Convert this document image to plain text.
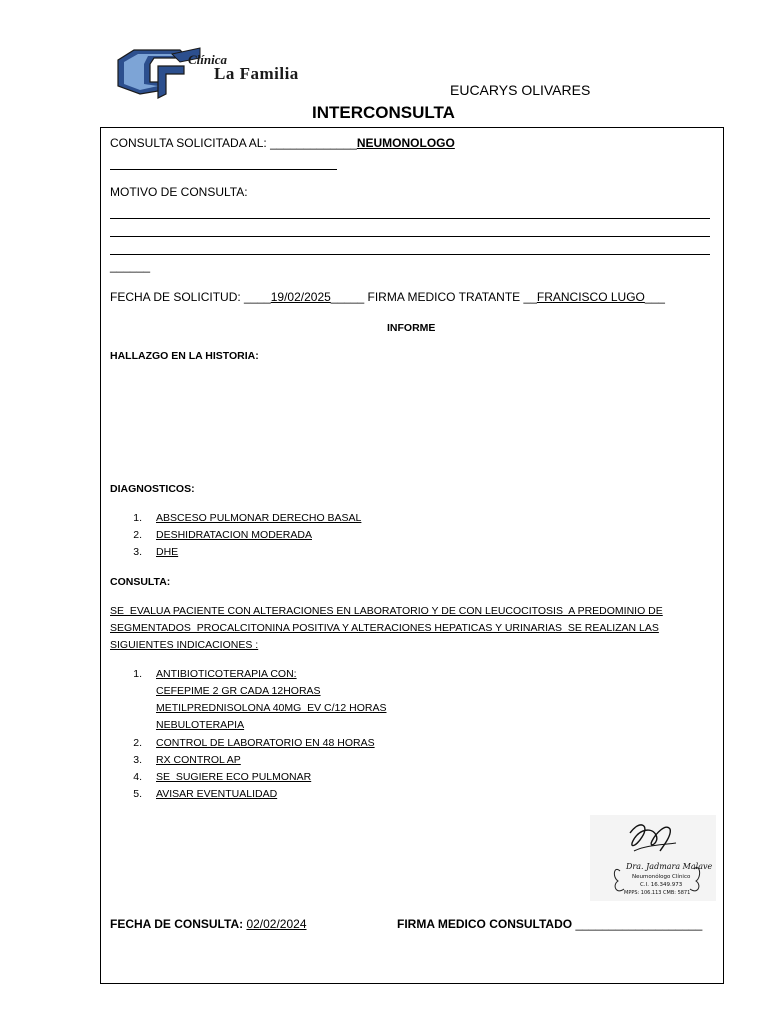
Clínica
La Familia
EUCARYS OLIVARES
INTERCONSULTA
CONSULTA SOLICITADA AL: _____________NEUMONOLOGO
MOTIVO DE CONSULTA:
______
FECHA DE SOLICITUD: ____19/02/2025_____ FIRMA MEDICO TRATANTE __FRANCISCO LUGO___
INFORME
HALLAZGO EN LA HISTORIA:
DIAGNOSTICOS:
1. ABSCESO PULMONAR DERECHO BASAL
2. DESHIDRATACION MODERADA
3. DHE
CONSULTA:
SE  EVALUA PACIENTE CON ALTERACIONES EN LABORATORIO Y DE CON LEUCOCITOSIS  A PREDOMINIO DE
SEGMENTADOS  PROCALCITONINA POSITIVA Y ALTERACIONES HEPATICAS Y URINARIAS  SE REALIZAN LAS
SIGUIENTES INDICACIONES :
1. ANTIBIOTICOTERAPIA CON:
CEFEPIME 2 GR CADA 12HORAS
METILPREDNISOLONA 40MG  EV C/12 HORAS
NEBULOTERAPIA
2. CONTROL DE LABORATORIO EN 48 HORAS
3. RX CONTROL AP
4. SE  SUGIERE ECO PULMONAR
5. AVISAR EVENTUALIDAD
Dra. Jadmara Malave
Neumonólogo Clínico
C.I. 16.349.973
MPPS: 106.113 CMB: 5871
FECHA DE CONSULTA: 02/02/2024	FIRMA MEDICO CONSULTADO ___________________
